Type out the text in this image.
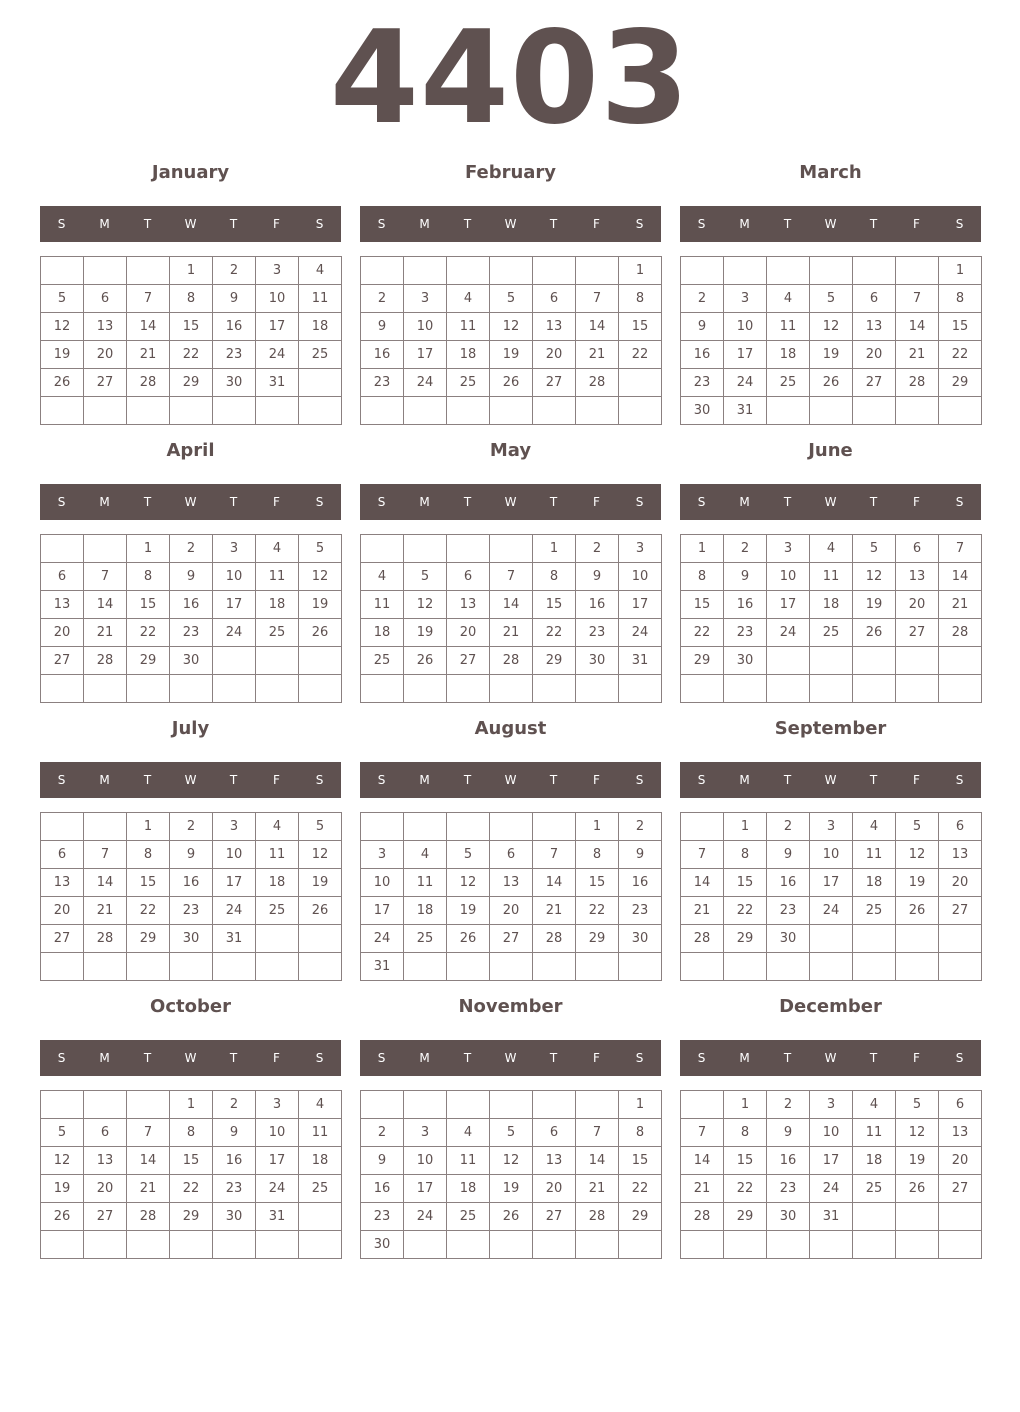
4403
January
S	M	T	W	T	F	S
			1	2	3	4
5	6	7	8	9	10	11
12	13	14	15	16	17	18
19	20	21	22	23	24	25
26	27	28	29	30	31	

February
S	M	T	W	T	F	S
						1
2	3	4	5	6	7	8
9	10	11	12	13	14	15
16	17	18	19	20	21	22
23	24	25	26	27	28	

March
S	M	T	W	T	F	S
						1
2	3	4	5	6	7	8
9	10	11	12	13	14	15
16	17	18	19	20	21	22
23	24	25	26	27	28	29
30	31					
April
S	M	T	W	T	F	S
		1	2	3	4	5
6	7	8	9	10	11	12
13	14	15	16	17	18	19
20	21	22	23	24	25	26
27	28	29	30			

May
S	M	T	W	T	F	S
				1	2	3
4	5	6	7	8	9	10
11	12	13	14	15	16	17
18	19	20	21	22	23	24
25	26	27	28	29	30	31

June
S	M	T	W	T	F	S
1	2	3	4	5	6	7
8	9	10	11	12	13	14
15	16	17	18	19	20	21
22	23	24	25	26	27	28
29	30					

July
S	M	T	W	T	F	S
		1	2	3	4	5
6	7	8	9	10	11	12
13	14	15	16	17	18	19
20	21	22	23	24	25	26
27	28	29	30	31		

August
S	M	T	W	T	F	S
					1	2
3	4	5	6	7	8	9
10	11	12	13	14	15	16
17	18	19	20	21	22	23
24	25	26	27	28	29	30
31						
September
S	M	T	W	T	F	S
	1	2	3	4	5	6
7	8	9	10	11	12	13
14	15	16	17	18	19	20
21	22	23	24	25	26	27
28	29	30				

October
S	M	T	W	T	F	S
			1	2	3	4
5	6	7	8	9	10	11
12	13	14	15	16	17	18
19	20	21	22	23	24	25
26	27	28	29	30	31	

November
S	M	T	W	T	F	S
						1
2	3	4	5	6	7	8
9	10	11	12	13	14	15
16	17	18	19	20	21	22
23	24	25	26	27	28	29
30						
December
S	M	T	W	T	F	S
	1	2	3	4	5	6
7	8	9	10	11	12	13
14	15	16	17	18	19	20
21	22	23	24	25	26	27
28	29	30	31			
